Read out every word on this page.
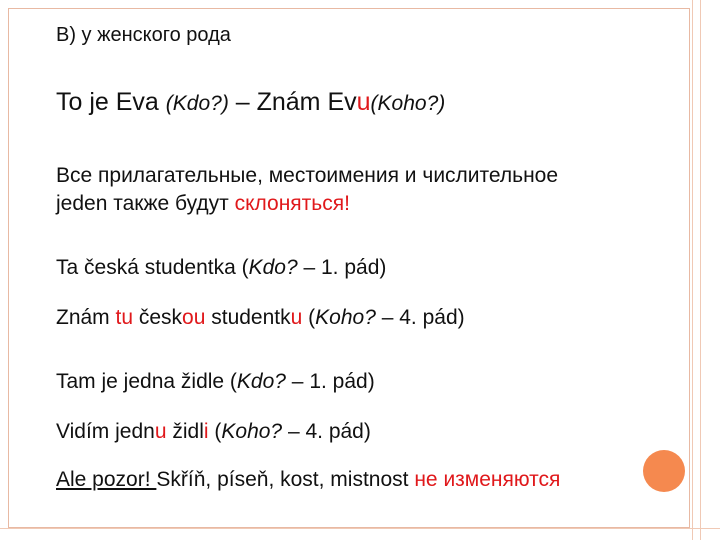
В) у женского рода
To je Eva (Kdo?) – Znám Evu(Koho?)
Все прилагательные, местоимения и числительное
jeden также будут склоняться!
Ta česká studentka (Kdo? – 1. pád)
Znám tu českou studentku (Koho? – 4. pád)
Tam je jedna židle (Kdo? – 1. pád)
Vidím jednu židli (Koho? – 4. pád)
Ale pozor! Skříň, píseň, kost, mistnost не изменяются
